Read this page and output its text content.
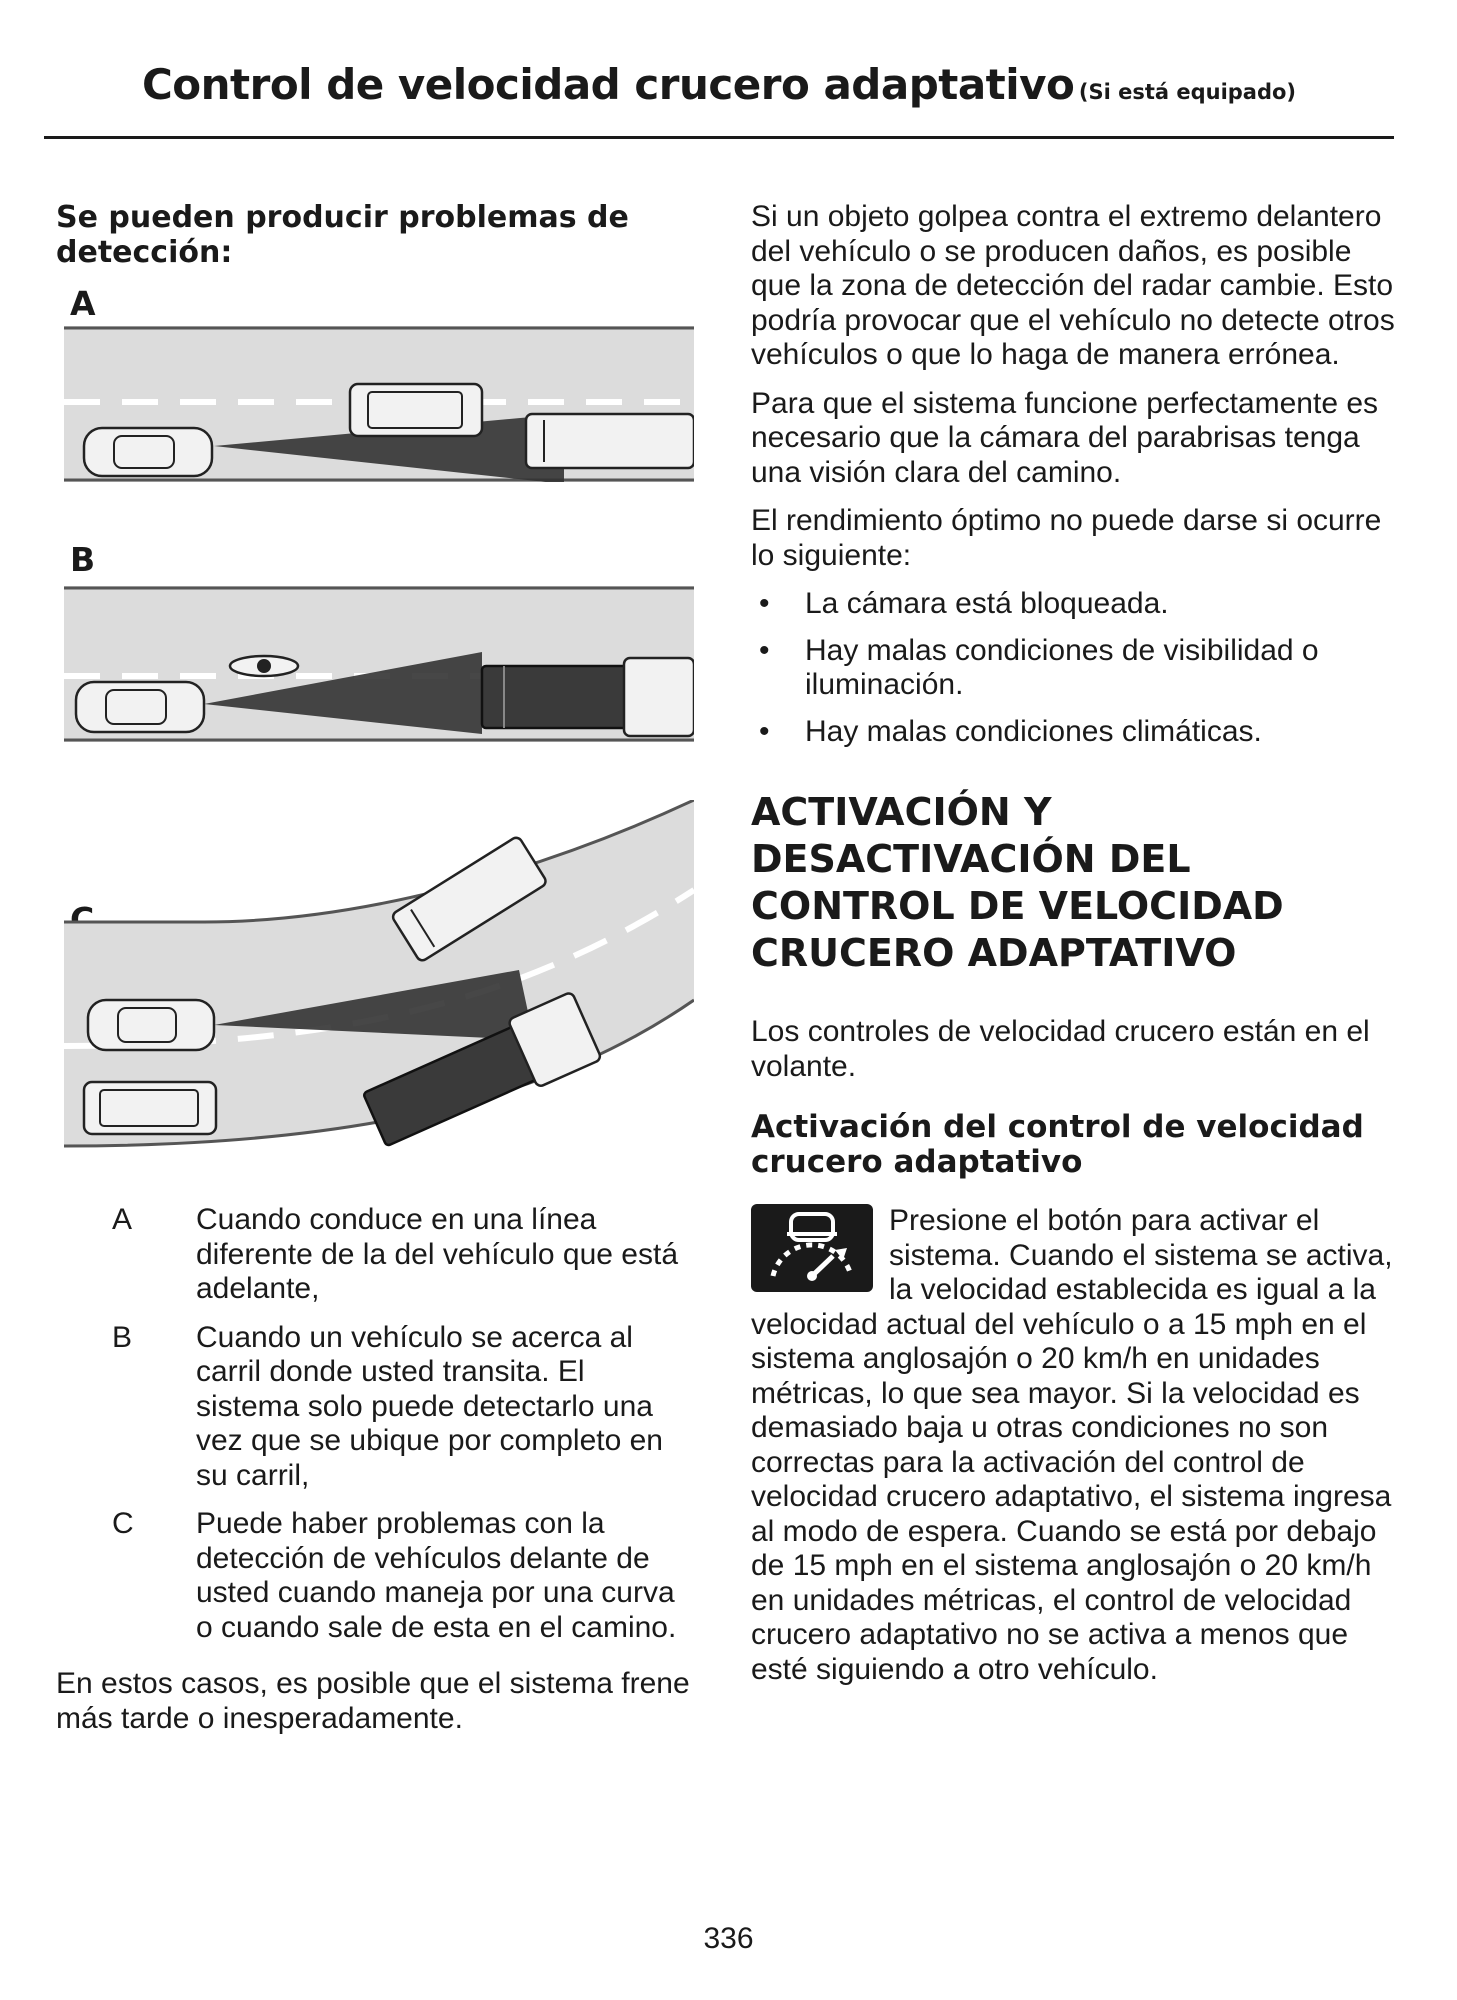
Control de velocidad crucero adaptativo (Si está equipado)

Se pueden producir problemas de detección:

A
B
C
A	Cuando conduce en una línea diferente de la del vehículo que está adelante,
B	Cuando un vehículo se acerca al carril donde usted transita. El sistema solo puede detectarlo una vez que se ubique por completo en su carril,
C	Puede haber problemas con la detección de vehículos delante de usted cuando maneja por una curva o cuando sale de esta en el camino.

En estos casos, es posible que el sistema frene más tarde o inesperadamente.

Si un objeto golpea contra el extremo delantero del vehículo o se producen daños, es posible que la zona de detección del radar cambie. Esto podría provocar que el vehículo no detecte otros vehículos o que lo haga de manera errónea.

Para que el sistema funcione perfectamente es necesario que la cámara del parabrisas tenga una visión clara del camino.

El rendimiento óptimo no puede darse si ocurre lo siguiente:

• La cámara está bloqueada.
• Hay malas condiciones de visibilidad o iluminación.
• Hay malas condiciones climáticas.
ACTIVACIÓN Y DESACTIVACIÓN DEL CONTROL DE VELOCIDAD CRUCERO ADAPTATIVO

Los controles de velocidad crucero están en el volante.

Activación del control de velocidad crucero adaptativo

Presione el botón para activar el sistema. Cuando el sistema se activa, la velocidad establecida es igual a la velocidad actual del vehículo o a 15 mph en el sistema anglosajón o 20 km/h en unidades métricas, lo que sea mayor. Si la velocidad es demasiado baja u otras condiciones no son correctas para la activación del control de velocidad crucero adaptativo, el sistema ingresa al modo de espera. Cuando se está por debajo de 15 mph en el sistema anglosajón o 20 km/h en unidades métricas, el control de velocidad crucero adaptativo no se activa a menos que esté siguiendo a otro vehículo.

336
